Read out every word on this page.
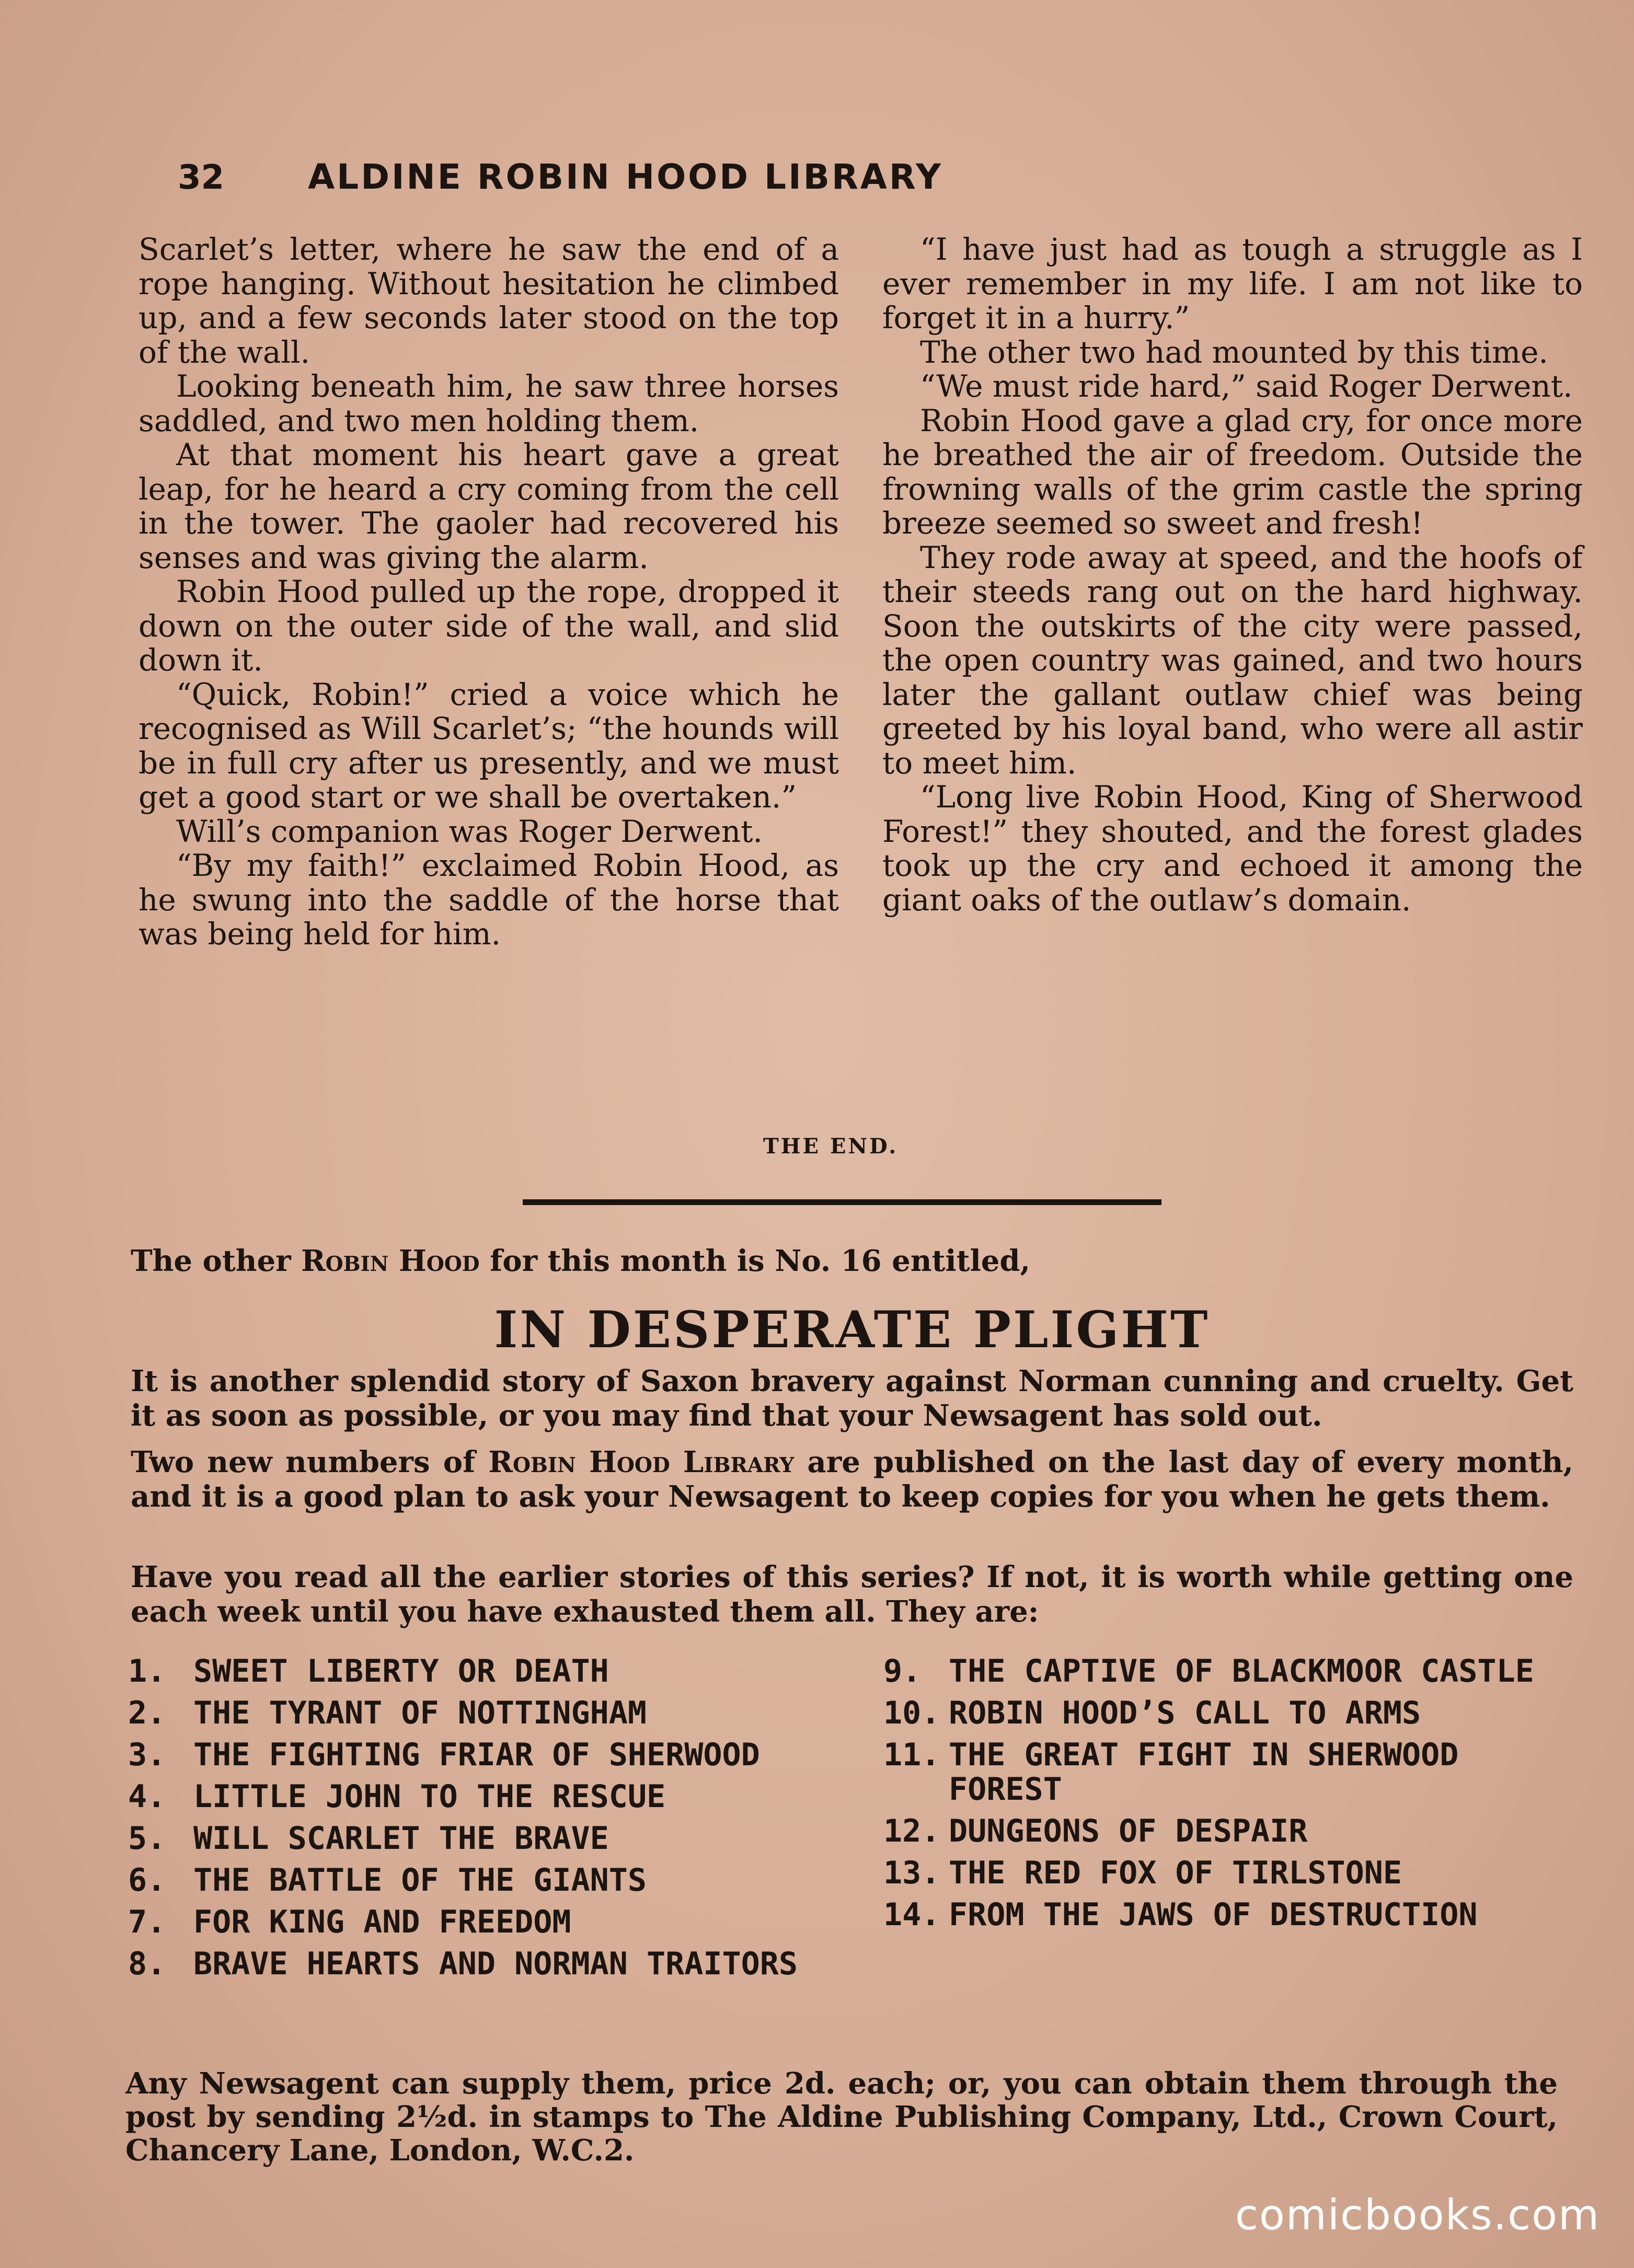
32 ALDINE ROBIN HOOD LIBRARY

Scarlet’s letter, where he saw the end of a rope hanging. Without hesitation he climbed up, and a few seconds later stood on the top of the wall.

Looking beneath him, he saw three horses saddled, and two men holding them.

At that moment his heart gave a great leap, for he heard a cry coming from the cell in the tower. The gaoler had recovered his senses and was giving the alarm.

Robin Hood pulled up the rope, dropped it down on the outer side of the wall, and slid down it.

“Quick, Robin!” cried a voice which he recognised as Will Scarlet’s; “the hounds will be in full cry after us presently, and we must get a good start or we shall be overtaken.”

Will’s companion was Roger Derwent.

“By my faith!” exclaimed Robin Hood, as he swung into the saddle of the horse that was being held for him.

“I have just had as tough a struggle as I ever remember in my life. I am not like to forget it in a hurry.”

The other two had mounted by this time.

“We must ride hard,” said Roger Derwent.

Robin Hood gave a glad cry, for once more he breathed the air of freedom. Outside the frowning walls of the grim castle the spring breeze seemed so sweet and fresh!

They rode away at speed, and the hoofs of their steeds rang out on the hard highway. Soon the outskirts of the city were passed, the open country was gained, and two hours later the gallant outlaw chief was being greeted by his loyal band, who were all astir to meet him.

“Long live Robin Hood, King of Sherwood Forest!” they shouted, and the forest glades took up the cry and echoed it among the giant oaks of the outlaw’s domain.

THE END.
The other Robin Hood for this month is No. 16 entitled,
IN DESPERATE PLIGHT
It is another splendid story of Saxon bravery against Norman cunning and cruelty. Get it as soon as possible, or you may find that your Newsagent has sold out.
Two new numbers of Robin Hood Library are published on the last day of every month, and it is a good plan to ask your Newsagent to keep copies for you when he gets them.
Have you read all the earlier stories of this series? If not, it is worth while getting one each week until you have exhausted them all. They are:
1. SWEET LIBERTY OR DEATH
2. THE TYRANT OF NOTTINGHAM
3. THE FIGHTING FRIAR OF SHERWOOD
4. LITTLE JOHN TO THE RESCUE
5. WILL SCARLET THE BRAVE
6. THE BATTLE OF THE GIANTS
7. FOR KING AND FREEDOM
8. BRAVE HEARTS AND NORMAN TRAITORS
9. THE CAPTIVE OF BLACKMOOR CASTLE
10. ROBIN HOOD’S CALL TO ARMS
11. THE GREAT FIGHT IN SHERWOOD FOREST
12. DUNGEONS OF DESPAIR
13. THE RED FOX OF TIRLSTONE
14. FROM THE JAWS OF DESTRUCTION
Any Newsagent can supply them, price 2d. each; or, you can obtain them through the post by sending 2½d. in stamps to The Aldine Publishing Company, Ltd., Crown Court, Chancery Lane, London, W.C.2.
comicbooks.com
